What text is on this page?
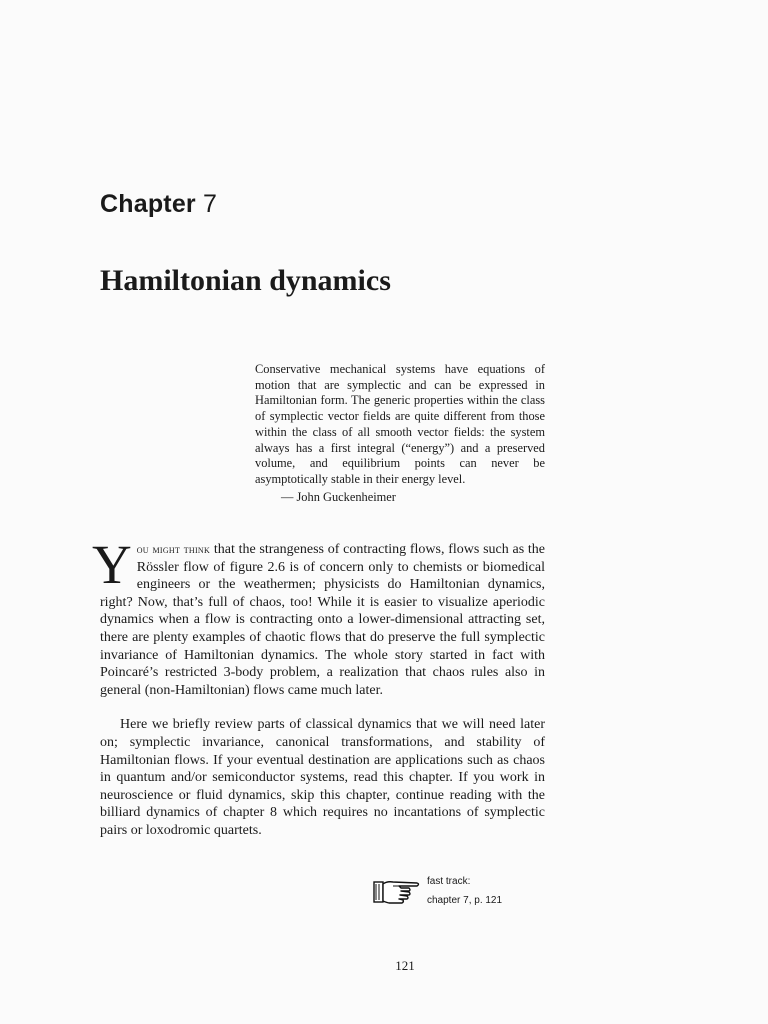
Chapter 7
Hamiltonian dynamics
Conservative mechanical systems have equations of motion that are symplectic and can be expressed in Hamiltonian form. The generic properties within the class of symplectic vector fields are quite different from those within the class of all smooth vector fields: the system always has a first integral (“energy”) and a preserved volume, and equilibrium points can never be asymptotically stable in their energy level.
— John Guckenheimer

You might think that the strangeness of contracting flows, flows such as the Rössler flow of figure 2.6 is of concern only to chemists or biomedical engineers or the weathermen; physicists do Hamiltonian dynamics, right? Now, that’s full of chaos, too! While it is easier to visualize aperiodic dynamics when a flow is contracting onto a lower-dimensional attracting set, there are plenty examples of chaotic flows that do preserve the full symplectic invariance of Hamiltonian dynamics. The whole story started in fact with Poincaré’s restricted 3-body problem, a realization that chaos rules also in general (non-Hamiltonian) flows came much later.

Here we briefly review parts of classical dynamics that we will need later on; symplectic invariance, canonical transformations, and stability of Hamiltonian flows. If your eventual destination are applications such as chaos in quantum and/or semiconductor systems, read this chapter. If you work in neuroscience or fluid dynamics, skip this chapter, continue reading with the billiard dynamics of chapter 8 which requires no incantations of symplectic pairs or loxodromic quartets.

fast track:
chapter 7, p. 121
121
